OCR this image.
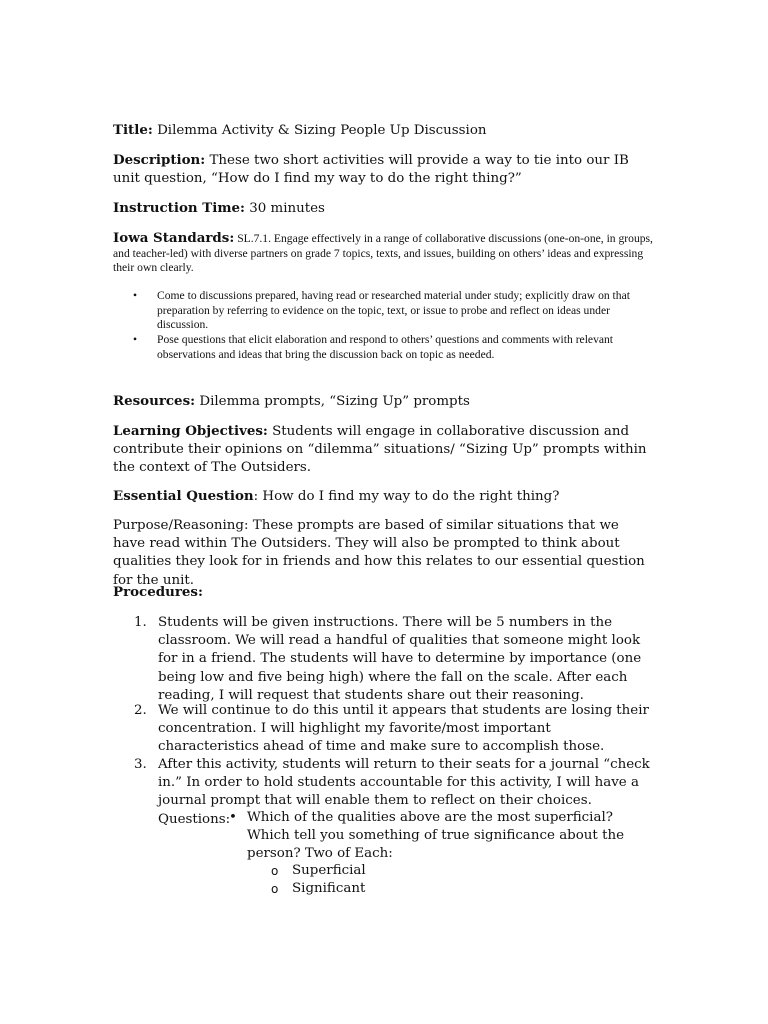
Title: Dilemma Activity & Sizing People Up Discussion

Description: These two short activities will provide a way to tie into our IB unit question, “How do I find my way to do the right thing?”

Instruction Time: 30 minutes

Iowa Standards: SL.7.1. Engage effectively in a range of collaborative discussions (one-on-one, in groups, and teacher-led) with diverse partners on grade 7 topics, texts, and issues, building on others’ ideas and expressing their own clearly.

• Come to discussions prepared, having read or researched material under study; explicitly draw on that preparation by referring to evidence on the topic, text, or issue to probe and reflect on ideas under discussion.
• Pose questions that elicit elaboration and respond to others’ questions and comments with relevant observations and ideas that bring the discussion back on topic as needed.

Resources: Dilemma prompts, “Sizing Up” prompts

Learning Objectives: Students will engage in collaborative discussion and contribute their opinions on “dilemma” situations/ “Sizing Up” prompts within the context of The Outsiders.

Essential Question: How do I find my way to do the right thing?

Purpose/Reasoning: These prompts are based of similar situations that we have read within The Outsiders. They will also be prompted to think about qualities they look for in friends and how this relates to our essential question for the unit.

Procedures:

1. Students will be given instructions. There will be 5 numbers in the classroom. We will read a handful of qualities that someone might look for in a friend. The students will have to determine by importance (one being low and five being high) where the fall on the scale. After each reading, I will request that students share out their reasoning.
2. We will continue to do this until it appears that students are losing their concentration. I will highlight my favorite/most important characteristics ahead of time and make sure to accomplish those.
3. After this activity, students will return to their seats for a journal “check in.” In order to hold students accountable for this activity, I will have a journal prompt that will enable them to reflect on their choices. Questions:
• Which of the qualities above are the most superficial? Which tell you something of true significance about the person? Two of Each:
o Superficial
o Significant
